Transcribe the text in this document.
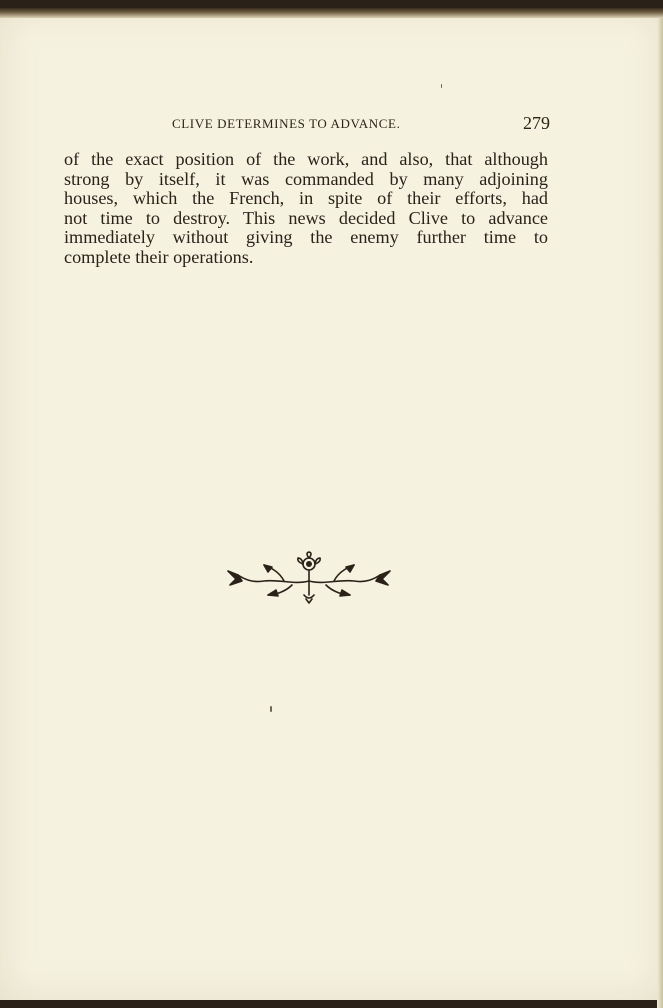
CLIVE DETERMINES TO ADVANCE.	279
of the exact position of the work, and also, that although
strong by itself, it was commanded by many adjoining
houses, which the French, in spite of their efforts, had
not time to destroy. This news decided Clive to advance
immediately without giving the enemy further time to
complete their operations.
